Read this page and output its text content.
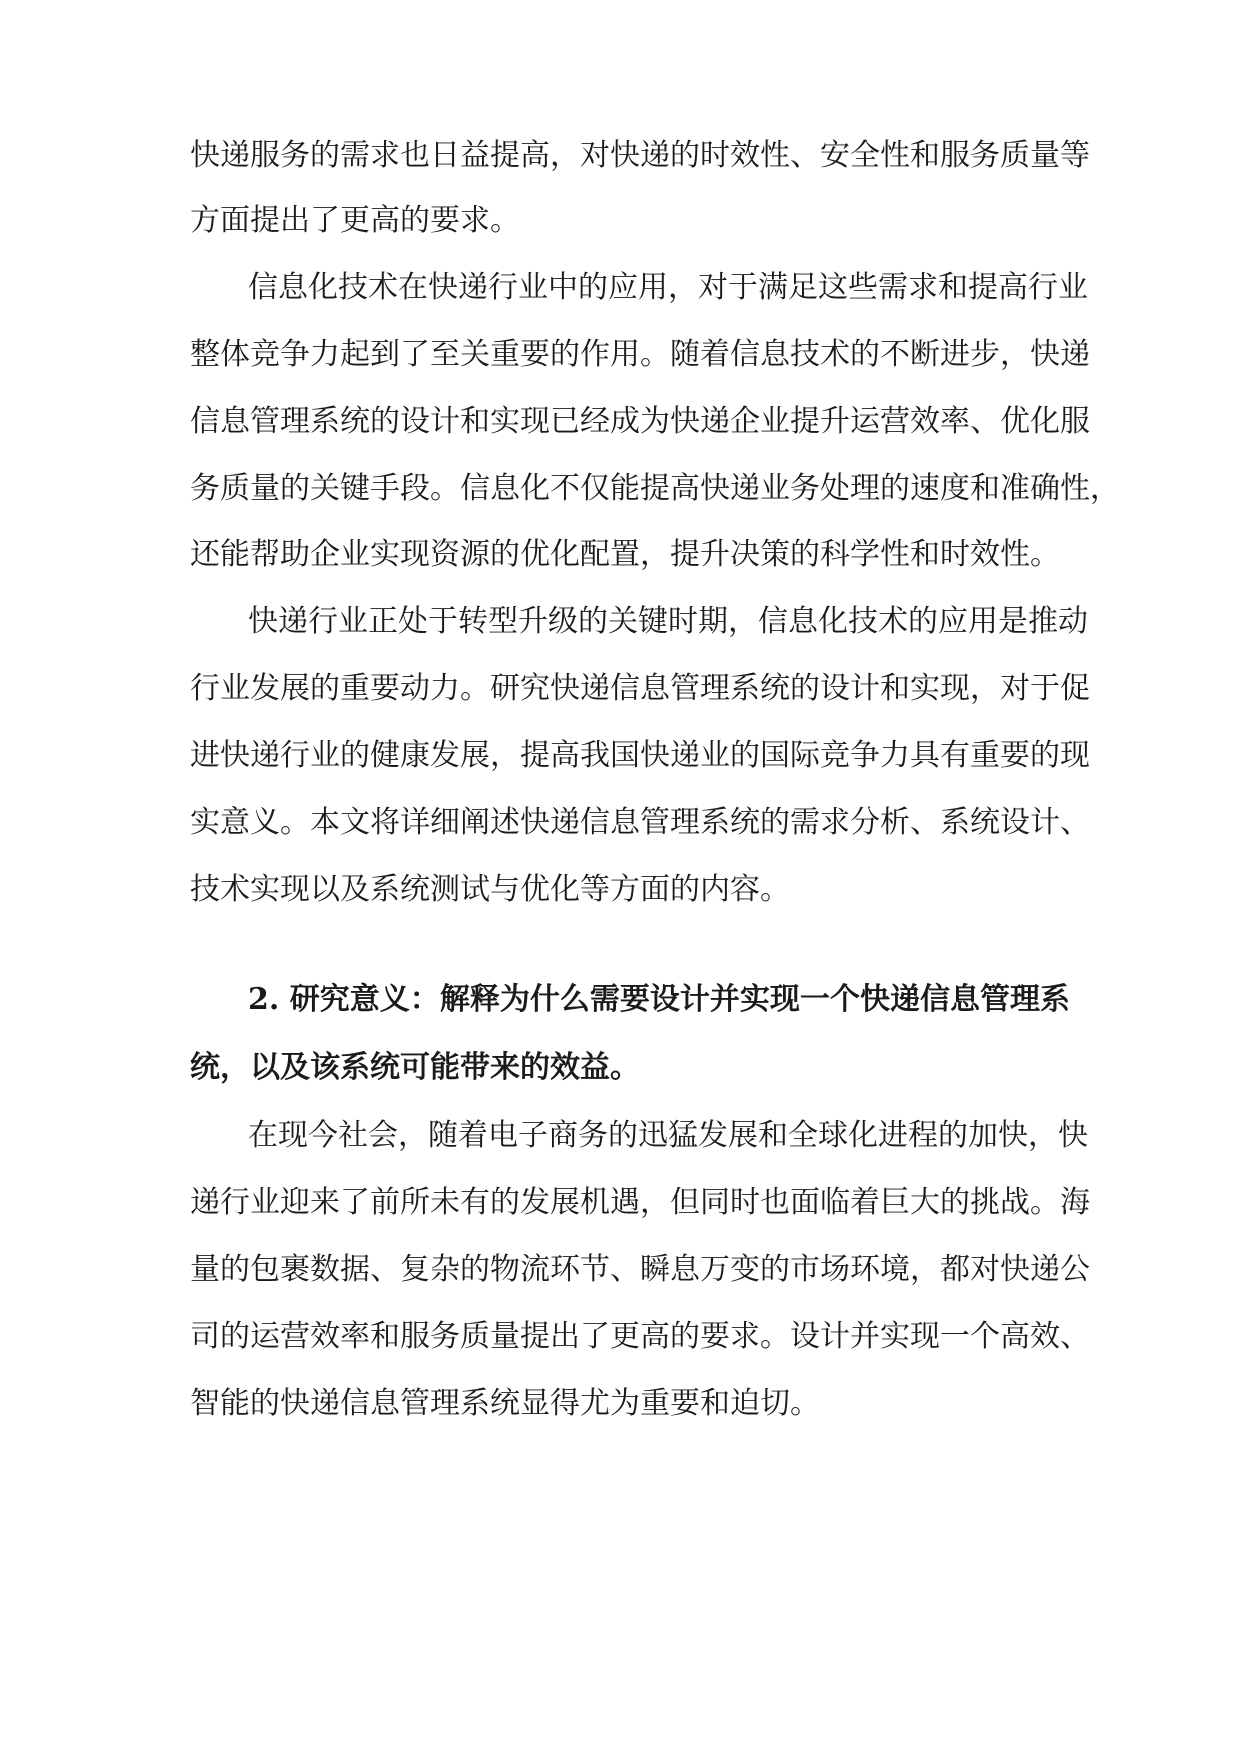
快递服务的需求也日益提高，对快递的时效性、安全性和服务质量等
方面提出了更高的要求。
信息化技术在快递行业中的应用，对于满足这些需求和提高行业
整体竞争力起到了至关重要的作用。随着信息技术的不断进步，快递
信息管理系统的设计和实现已经成为快递企业提升运营效率、优化服
务质量的关键手段。信息化不仅能提高快递业务处理的速度和准确性，
还能帮助企业实现资源的优化配置，提升决策的科学性和时效性。
快递行业正处于转型升级的关键时期，信息化技术的应用是推动
行业发展的重要动力。研究快递信息管理系统的设计和实现，对于促
进快递行业的健康发展，提高我国快递业的国际竞争力具有重要的现
实意义。本文将详细阐述快递信息管理系统的需求分析、系统设计、
技术实现以及系统测试与优化等方面的内容。
2. 研究意义：解释为什么需要设计并实现一个快递信息管理系
统，以及该系统可能带来的效益。
在现今社会，随着电子商务的迅猛发展和全球化进程的加快，快
递行业迎来了前所未有的发展机遇，但同时也面临着巨大的挑战。海
量的包裹数据、复杂的物流环节、瞬息万变的市场环境，都对快递公
司的运营效率和服务质量提出了更高的要求。设计并实现一个高效、
智能的快递信息管理系统显得尤为重要和迫切。
